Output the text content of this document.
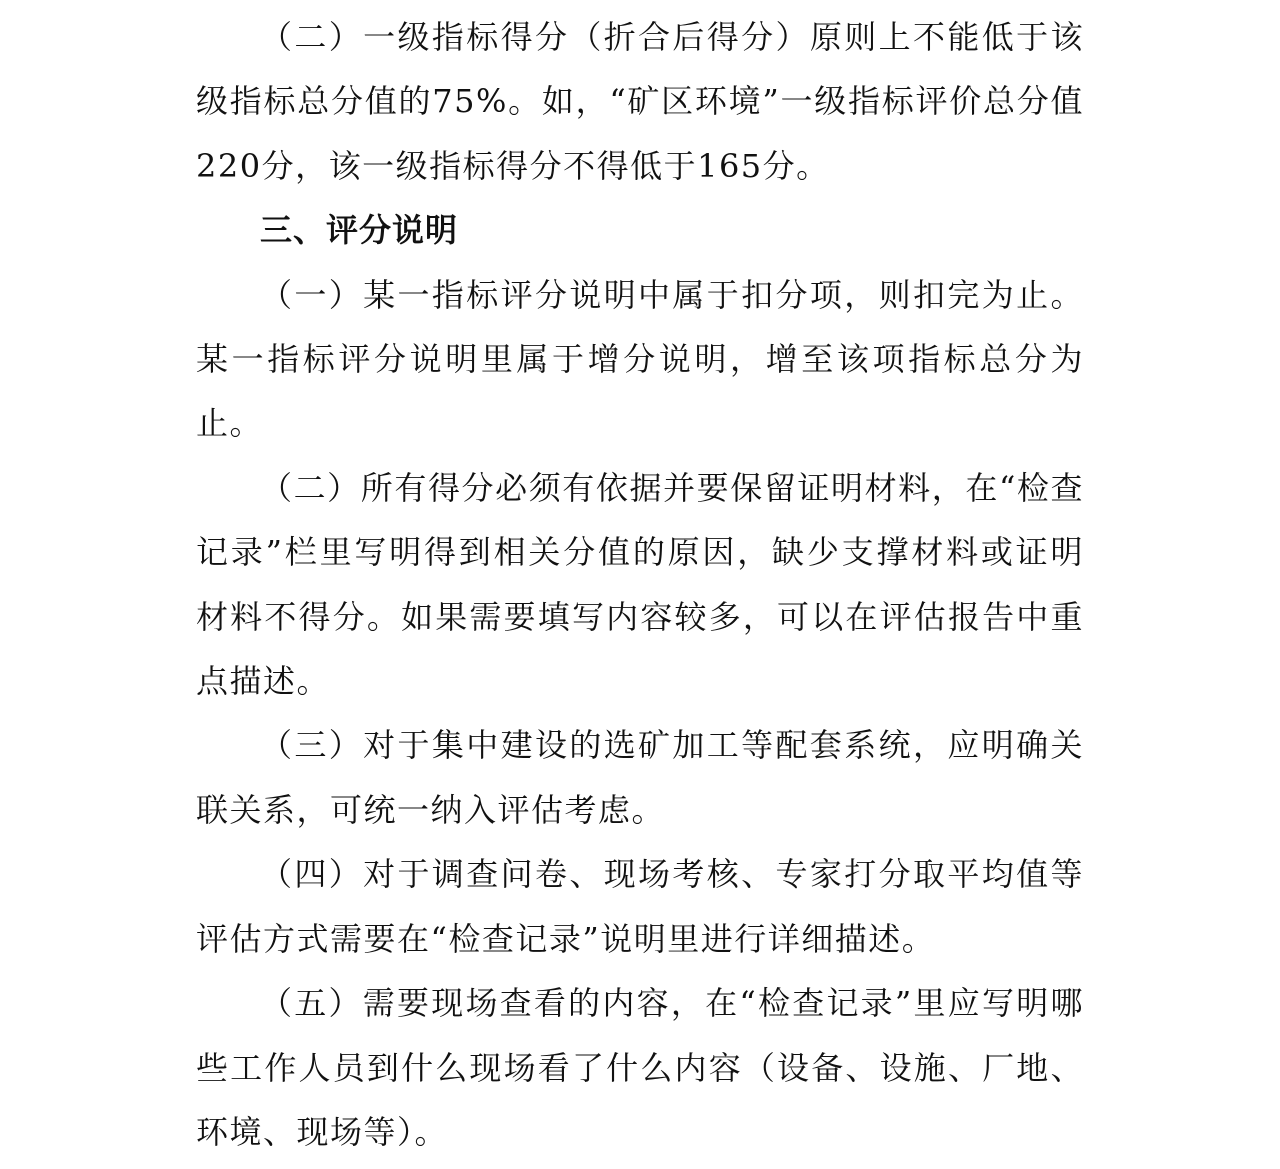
（二）一级指标得分（折合后得分）原则上不能低于该级指标总分值的75%。如，“矿区环境”一级指标评价总分值220分，该一级指标得分不得低于165分。

三、评分说明

（一）某一指标评分说明中属于扣分项，则扣完为止。某一指标评分说明里属于增分说明，增至该项指标总分为止。

（二）所有得分必须有依据并要保留证明材料，在“检查记录”栏里写明得到相关分值的原因，缺少支撑材料或证明材料不得分。如果需要填写内容较多，可以在评估报告中重点描述。

（三）对于集中建设的选矿加工等配套系统，应明确关联关系，可统一纳入评估考虑。

（四）对于调查问卷、现场考核、专家打分取平均值等评估方式需要在“检查记录”说明里进行详细描述。

（五）需要现场查看的内容，在“检查记录”里应写明哪些工作人员到什么现场看了什么内容（设备、设施、厂地、环境、现场等）。
